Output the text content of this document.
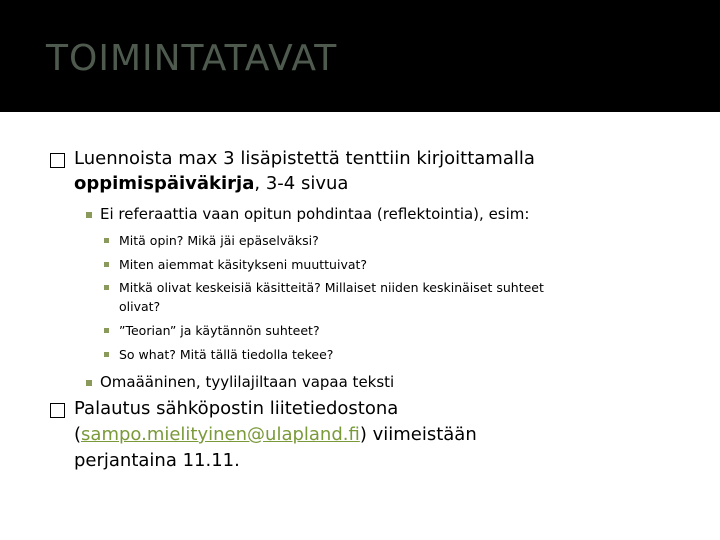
TOIMINTATAVAT
Luennoista max 3 lisäpistettä tenttiin kirjoittamalla
oppimispäiväkirja, 3-4 sivua
Ei referaattia vaan opitun pohdintaa (reflektointia), esim:
Mitä opin? Mikä jäi epäselväksi?
Miten aiemmat käsitykseni muuttuivat?
Mitkä olivat keskeisiä käsitteitä? Millaiset niiden keskinäiset suhteet
olivat?
”Teorian” ja käytännön suhteet?
So what? Mitä tällä tiedolla tekee?
Omaääninen, tyylilajiltaan vapaa teksti
Palautus sähköpostin liitetiedostona
(sampo.mielityinen@ulapland.fi) viimeistään
perjantaina 11.11.
